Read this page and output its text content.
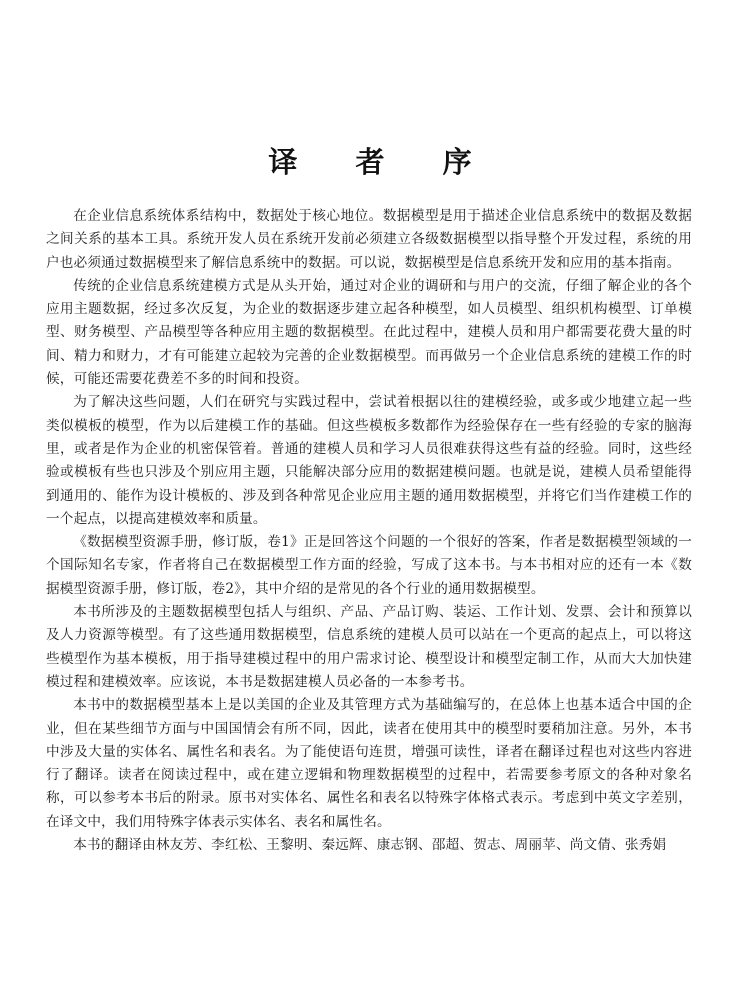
译 者 序

在企业信息系统体系结构中，数据处于核心地位。数据模型是用于描述企业信息系统中的数据及数据之间关系的基本工具。系统开发人员在系统开发前必须建立各级数据模型以指导整个开发过程，系统的用户也必须通过数据模型来了解信息系统中的数据。可以说，数据模型是信息系统开发和应用的基本指南。

传统的企业信息系统建模方式是从头开始，通过对企业的调研和与用户的交流，仔细了解企业的各个应用主题数据，经过多次反复，为企业的数据逐步建立起各种模型，如人员模型、组织机构模型、订单模型、财务模型、产品模型等各种应用主题的数据模型。在此过程中，建模人员和用户都需要花费大量的时间、精力和财力，才有可能建立起较为完善的企业数据模型。而再做另一个企业信息系统的建模工作的时候，可能还需要花费差不多的时间和投资。

为了解决这些问题，人们在研究与实践过程中，尝试着根据以往的建模经验，或多或少地建立起一些类似模板的模型，作为以后建模工作的基础。但这些模板多数都作为经验保存在一些有经验的专家的脑海里，或者是作为企业的机密保管着。普通的建模人员和学习人员很难获得这些有益的经验。同时，这些经验或模板有些也只涉及个别应用主题，只能解决部分应用的数据建模问题。也就是说，建模人员希望能得到通用的、能作为设计模板的、涉及到各种常见企业应用主题的通用数据模型，并将它们当作建模工作的一个起点，以提高建模效率和质量。

《数据模型资源手册，修订版，卷1》正是回答这个问题的一个很好的答案，作者是数据模型领域的一个国际知名专家，作者将自己在数据模型工作方面的经验，写成了这本书。与本书相对应的还有一本《数据模型资源手册，修订版，卷2》，其中介绍的是常见的各个行业的通用数据模型。

本书所涉及的主题数据模型包括人与组织、产品、产品订购、装运、工作计划、发票、会计和预算以及人力资源等模型。有了这些通用数据模型，信息系统的建模人员可以站在一个更高的起点上，可以将这些模型作为基本模板，用于指导建模过程中的用户需求讨论、模型设计和模型定制工作，从而大大加快建模过程和建模效率。应该说，本书是数据建模人员必备的一本参考书。

本书中的数据模型基本上是以美国的企业及其管理方式为基础编写的，在总体上也基本适合中国的企业，但在某些细节方面与中国国情会有所不同，因此，读者在使用其中的模型时要稍加注意。另外，本书中涉及大量的实体名、属性名和表名。为了能使语句连贯，增强可读性，译者在翻译过程也对这些内容进行了翻译。读者在阅读过程中，或在建立逻辑和物理数据模型的过程中，若需要参考原文的各种对象名称，可以参考本书后的附录。原书对实体名、属性名和表名以特殊字体格式表示。考虑到中英文字差别，在译文中，我们用特殊字体表示实体名、表名和属性名。

本书的翻译由林友芳、李红松、王黎明、秦远辉、康志钢、邵超、贺志、周丽苹、尚文倩、张秀娟
